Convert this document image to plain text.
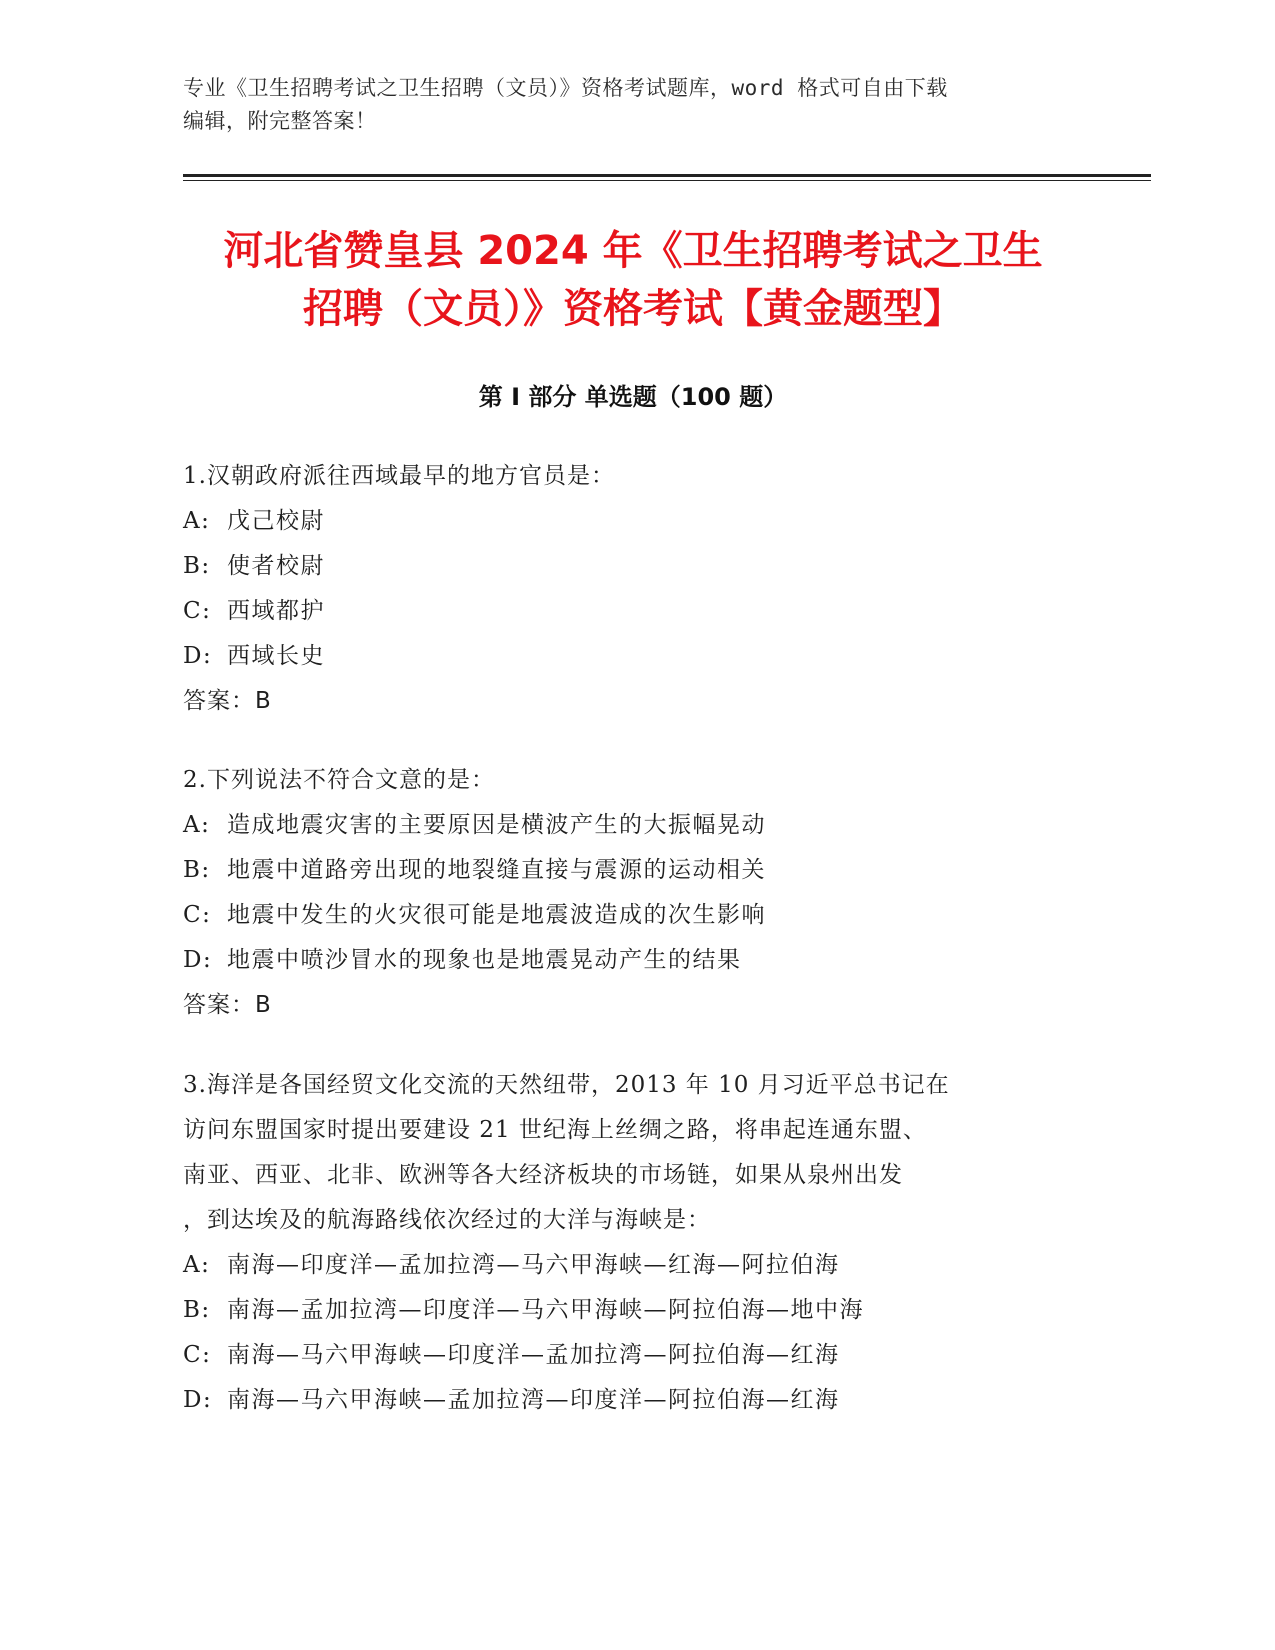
专业《卫生招聘考试之卫生招聘（文员）》资格考试题库，word 格式可自由下载
编辑，附完整答案！
河北省赞皇县 2024 年《卫生招聘考试之卫生
招聘（文员）》资格考试【黄金题型】
第 I 部分 单选题（100 题）

1.汉朝政府派往西域最早的地方官员是：

A: 戊己校尉

B: 使者校尉

C: 西域都护

D: 西域长史

答案：B

2.下列说法不符合文意的是：

A: 造成地震灾害的主要原因是横波产生的大振幅晃动

B: 地震中道路旁出现的地裂缝直接与震源的运动相关

C: 地震中发生的火灾很可能是地震波造成的次生影响

D: 地震中喷沙冒水的现象也是地震晃动产生的结果

答案：B

3.海洋是各国经贸文化交流的天然纽带，2013 年 10 月习近平总书记在

访问东盟国家时提出要建设 21 世纪海上丝绸之路，将串起连通东盟、

南亚、西亚、北非、欧洲等各大经济板块的市场链，如果从泉州出发

，到达埃及的航海路线依次经过的大洋与海峡是：

A: 南海—印度洋—孟加拉湾—马六甲海峡—红海—阿拉伯海

B: 南海—孟加拉湾—印度洋—马六甲海峡—阿拉伯海—地中海

C: 南海—马六甲海峡—印度洋—孟加拉湾—阿拉伯海—红海

D: 南海—马六甲海峡—孟加拉湾—印度洋—阿拉伯海—红海
